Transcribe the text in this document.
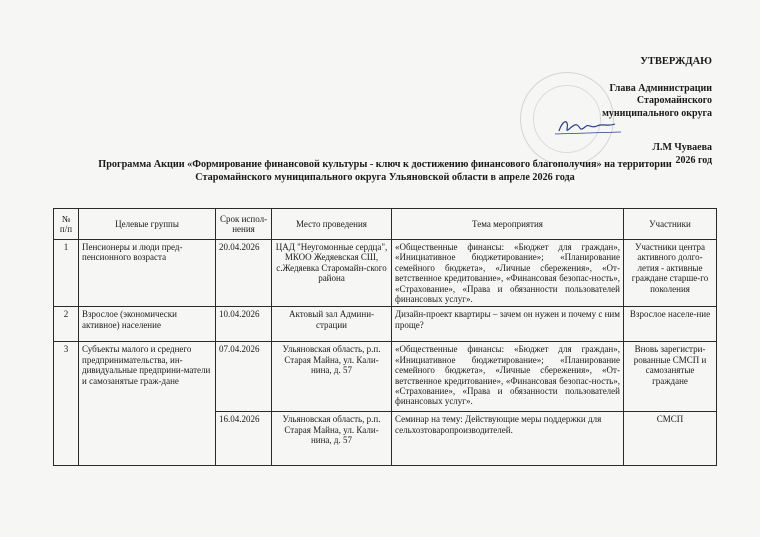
УТВЕРЖДАЮ
Глава Администрации
Старомайнского
муниципального округа
Л.М Чуваева
2026 год
Программа Акции «Формирование финансовой культуры - ключ к достижению финансового благополучия» на территории
Старомайнского муниципального округа Ульяновской области в апреле 2026 года
№ п/п	Целевые группы	Срок испол-нения	Место проведения	Тема мероприятия	Участники
1	Пенсионеры и люди пред-пенсионного возраста	20.04.2026	ЦАД "Неугомонные сердца", МКОО Жедяевская СШ, с.Жедяевка Старомайн-ского района	«Общественные финансы: «Бюджет для граждан», «Инициативное бюджетирование»; «Планирование семейного бюджета», «Личные сбережения», «От-ветственное кредитование», «Финансовая безопас-ность», «Страхование», «Права и обязанности пользователей финансовых услуг».	Участники центра активного долго-летия - активные граждане старше-го поколения
2	Взрослое (экономически активное) население	10.04.2026	Актовый зал Админи-страции	Дизайн-проект квартиры – зачем он нужен и почему с ним проще?	Взрослое населе-ние
3	Субъекты малого и среднего предпринимательства, ин-дивидуальные предприни-матели и самозанятые граж-дане	07.04.2026	Ульяновская область, р.п. Старая Майна, ул. Кали-нина, д. 57	«Общественные финансы: «Бюджет для граждан», «Инициативное бюджетирование»; «Планирование семейного бюджета», «Личные сбережения», «От-ветственное кредитование», «Финансовая безопас-ность», «Страхование», «Права и обязанности пользователей финансовых услуг».	Вновь зарегистри-рованные СМСП и самозанятые граждане
		16.04.2026	Ульяновская область, р.п. Старая Майна, ул. Кали-нина, д. 57	Семинар на тему: Действующие меры поддержки для сельхозтоваропроизводителей.	СМСП
